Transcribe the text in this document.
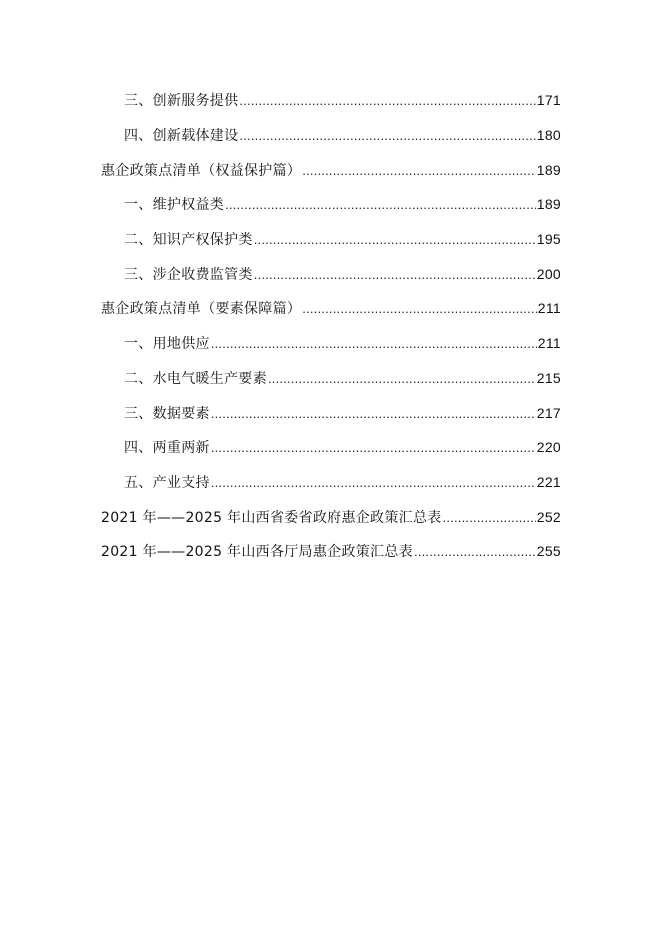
三、创新服务提供 .....	171
四、创新载体建设 .....	180
惠企政策点清单（权益保护篇） .....	189
一、维护权益类 .....	189
二、知识产权保护类 .....	195
三、涉企收费监管类 .....	200
惠企政策点清单（要素保障篇） .....	211
一、用地供应 .....	211
二、水电气暖生产要素 .....	215
三、数据要素 .....	217
四、两重两新 .....	220
五、产业支持 .....	221
2021 年——2025 年山西省委省政府惠企政策汇总表 .....	252
2021 年——2025 年山西各厅局惠企政策汇总表 .....	255
